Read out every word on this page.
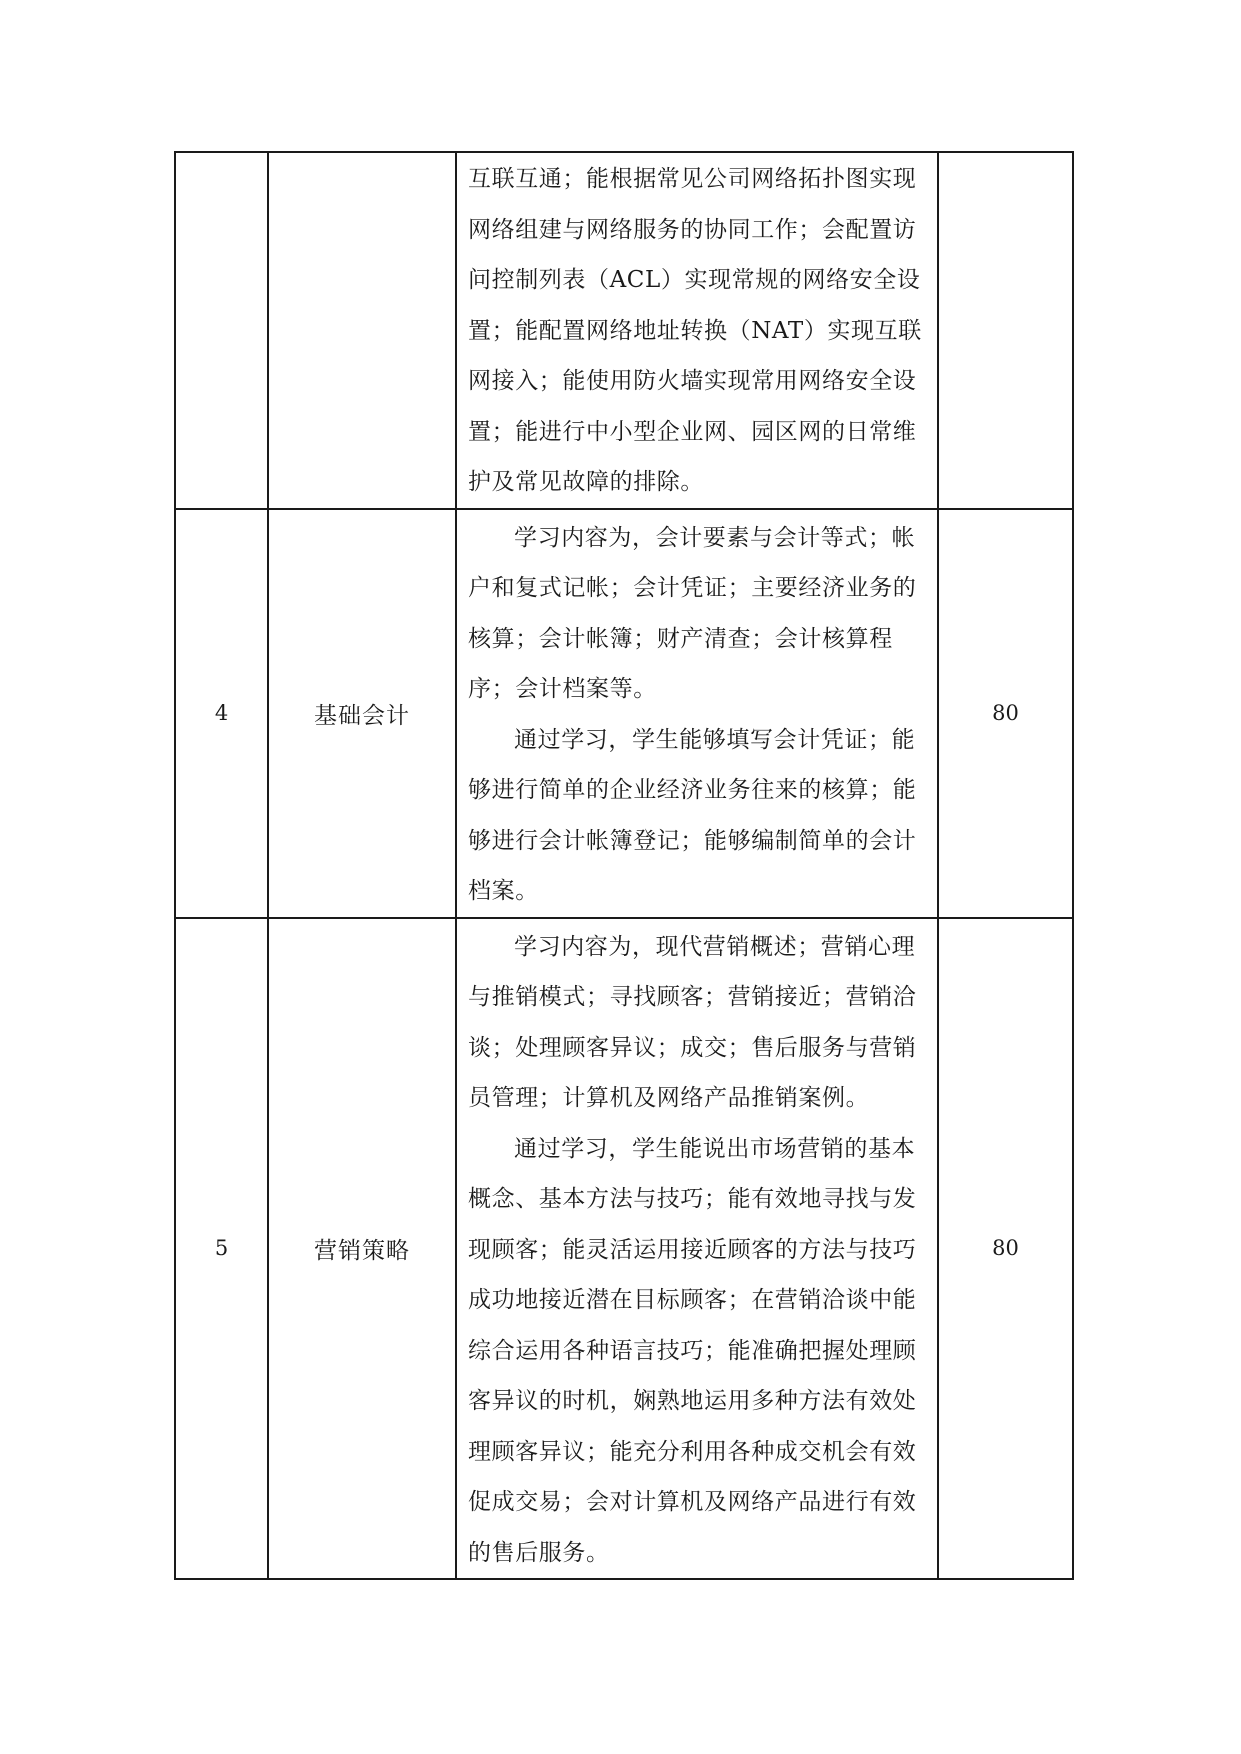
		互联互通；能根据常见公司网络拓扑图实现网络组建与网络服务的协同工作；会配置访问控制列表（ACL）实现常规的网络安全设置；能配置网络地址转换（NAT）实现互联网接入；能使用防火墙实现常用网络安全设置；能进行中小型企业网、园区网的日常维护及常见故障的排除。	

4	基础会计	学习内容为，会计要素与会计等式；帐户和复式记帐；会计凭证；主要经济业务的核算；会计帐簿；财产清查；会计核算程序；会计档案等。
通过学习，学生能够填写会计凭证；能够进行简单的企业经济业务往来的核算；能够进行会计帐簿登记；能够编制简单的会计档案。	80
5	营销策略	学习内容为，现代营销概述；营销心理与推销模式；寻找顾客；营销接近；营销洽谈；处理顾客异议；成交；售后服务与营销员管理；计算机及网络产品推销案例。
通过学习，学生能说出市场营销的基本概念、基本方法与技巧；能有效地寻找与发现顾客；能灵活运用接近顾客的方法与技巧成功地接近潜在目标顾客；在营销洽谈中能综合运用各种语言技巧；能准确把握处理顾客异议的时机，娴熟地运用多种方法有效处理顾客异议；能充分利用各种成交机会有效促成交易；会对计算机及网络产品进行有效的售后服务。	80
